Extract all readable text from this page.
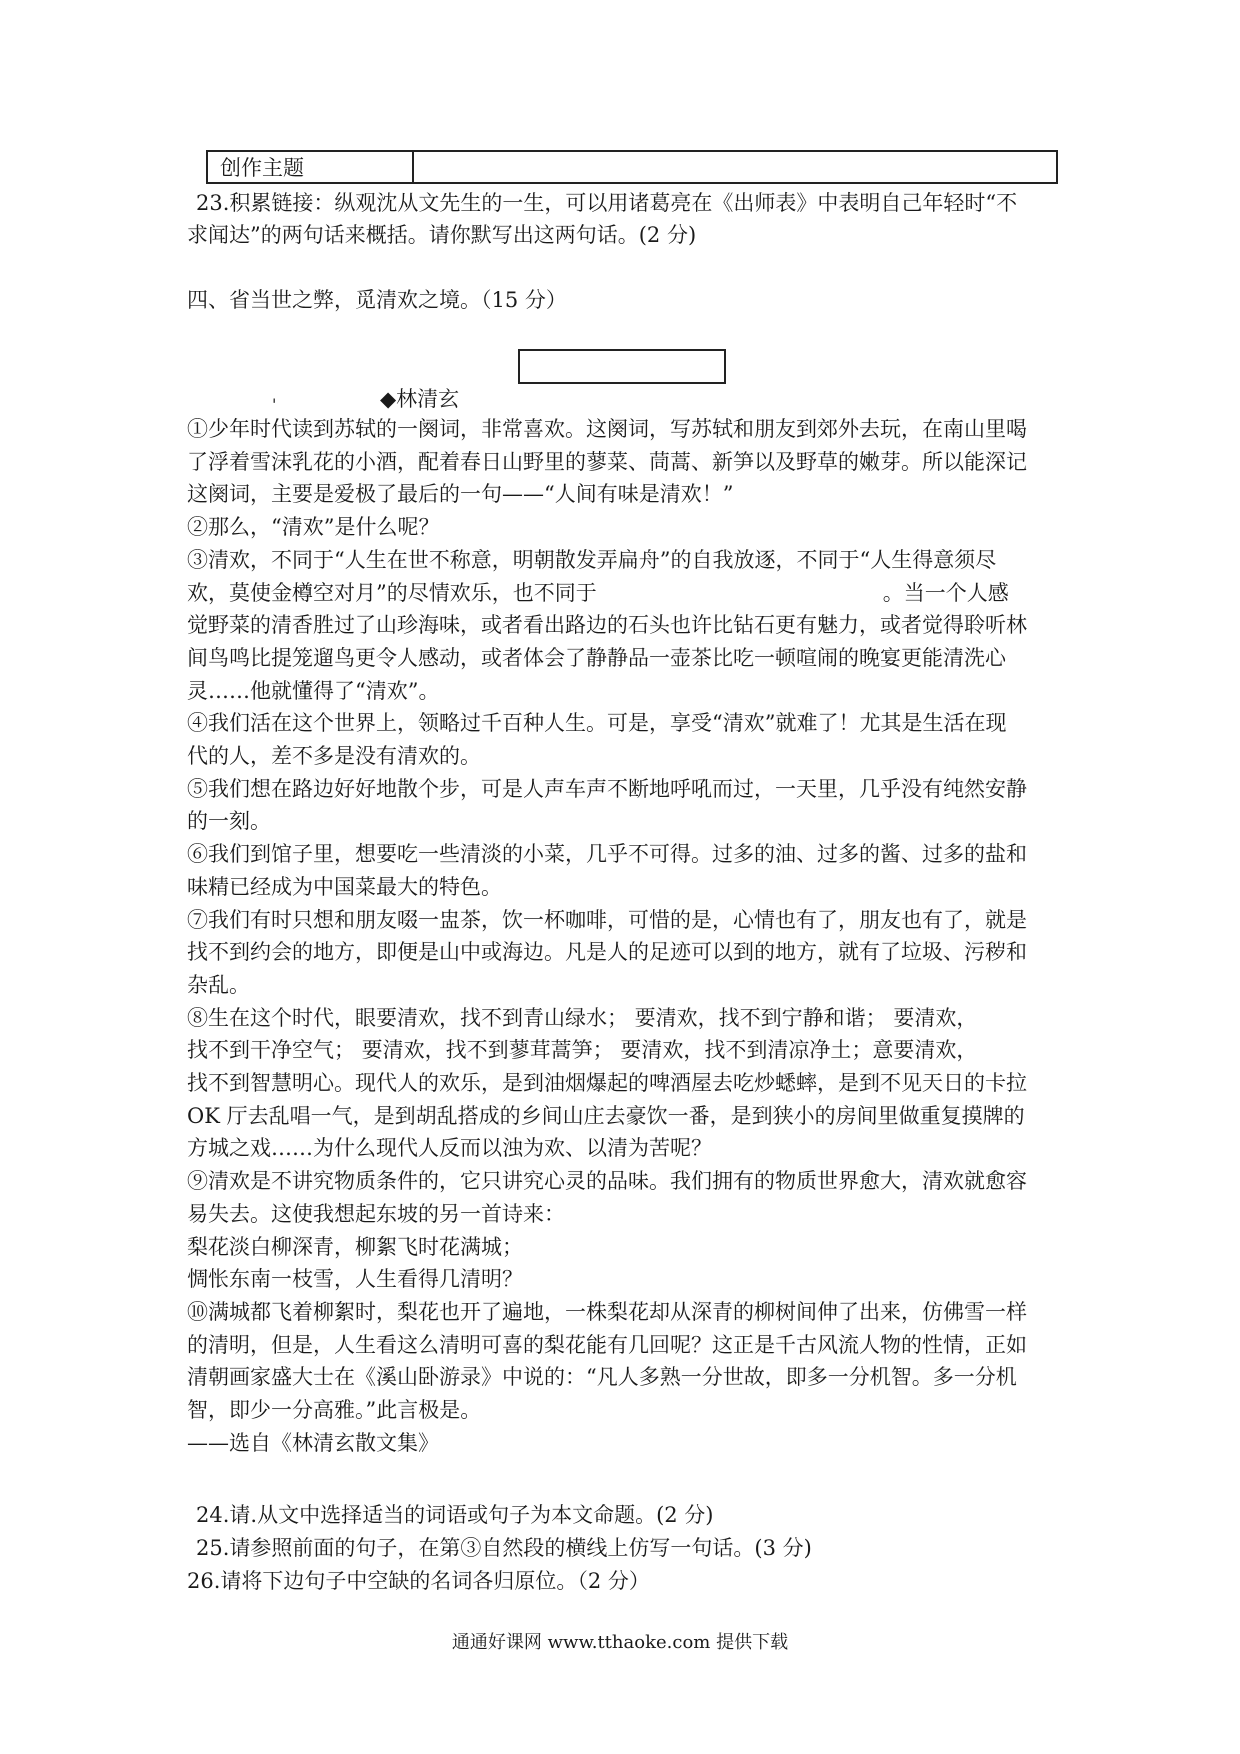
创作主题	
23.积累链接：纵观沈从文先生的一生，可以用诸葛亮在《出师表》中表明自己年轻时“不
求闻达”的两句话来概括。请你默写出这两句话。(2 分)
四、省当世之弊，觅清欢之境。（15 分）
'	◆林清玄
①少年时代读到苏轼的一阕词，非常喜欢。这阕词，写苏轼和朋友到郊外去玩，在南山里喝
了浮着雪沫乳花的小酒，配着春日山野里的蓼菜、茼蒿、新笋以及野草的嫩芽。所以能深记
这阕词，主要是爱极了最后的一句——“人间有味是清欢！”
②那么，“清欢”是什么呢？
③清欢，不同于“人生在世不称意，明朝散发弄扁舟”的自我放逐，不同于“人生得意须尽
欢，莫使金樽空对月”的尽情欢乐，也不同于	。当一个人感
觉野菜的清香胜过了山珍海味，或者看出路边的石头也许比钻石更有魅力，或者觉得聆听林
间鸟鸣比提笼遛鸟更令人感动，或者体会了静静品一壶茶比吃一顿喧闹的晚宴更能清洗心
灵……他就懂得了“清欢”。
④我们活在这个世界上，领略过千百种人生。可是，享受“清欢”就难了！尤其是生活在现
代的人，差不多是没有清欢的。
⑤我们想在路边好好地散个步，可是人声车声不断地呼吼而过，一天里，几乎没有纯然安静
的一刻。
⑥我们到馆子里，想要吃一些清淡的小菜，几乎不可得。过多的油、过多的酱、过多的盐和
味精已经成为中国菜最大的特色。
⑦我们有时只想和朋友啜一盅茶，饮一杯咖啡，可惜的是，心情也有了，朋友也有了，就是
找不到约会的地方，即便是山中或海边。凡是人的足迹可以到的地方，就有了垃圾、污秽和
杂乱。
⑧生在这个时代，眼要清欢，找不到青山绿水； 要清欢，找不到宁静和谐； 要清欢，
找不到干净空气； 要清欢，找不到蓼茸蒿笋； 要清欢，找不到清凉净土；意要清欢，
找不到智慧明心。现代人的欢乐，是到油烟爆起的啤酒屋去吃炒蟋蟀，是到不见天日的卡拉
OK 厅去乱唱一气，是到胡乱搭成的乡间山庄去豪饮一番，是到狭小的房间里做重复摸牌的
方城之戏……为什么现代人反而以浊为欢、以清为苦呢？
⑨清欢是不讲究物质条件的，它只讲究心灵的品味。我们拥有的物质世界愈大，清欢就愈容
易失去。这使我想起东坡的另一首诗来：
梨花淡白柳深青，柳絮飞时花满城；
惆怅东南一枝雪，人生看得几清明？
⑩满城都飞着柳絮时，梨花也开了遍地，一株梨花却从深青的柳树间伸了出来，仿佛雪一样
的清明，但是，人生看这么清明可喜的梨花能有几回呢？这正是千古风流人物的性情，正如
清朝画家盛大士在《溪山卧游录》中说的：“凡人多熟一分世故，即多一分机智。多一分机
智，即少一分高雅。”此言极是。
——选自《林清玄散文集》
通通好课网 www.tthaoke.com 提供下载
24.请.从文中选择适当的词语或句子为本文命题。(2 分)
25.请参照前面的句子，在第③自然段的横线上仿写一句话。(3 分)
26.请将下边句子中空缺的名词各归原位。（2 分）
